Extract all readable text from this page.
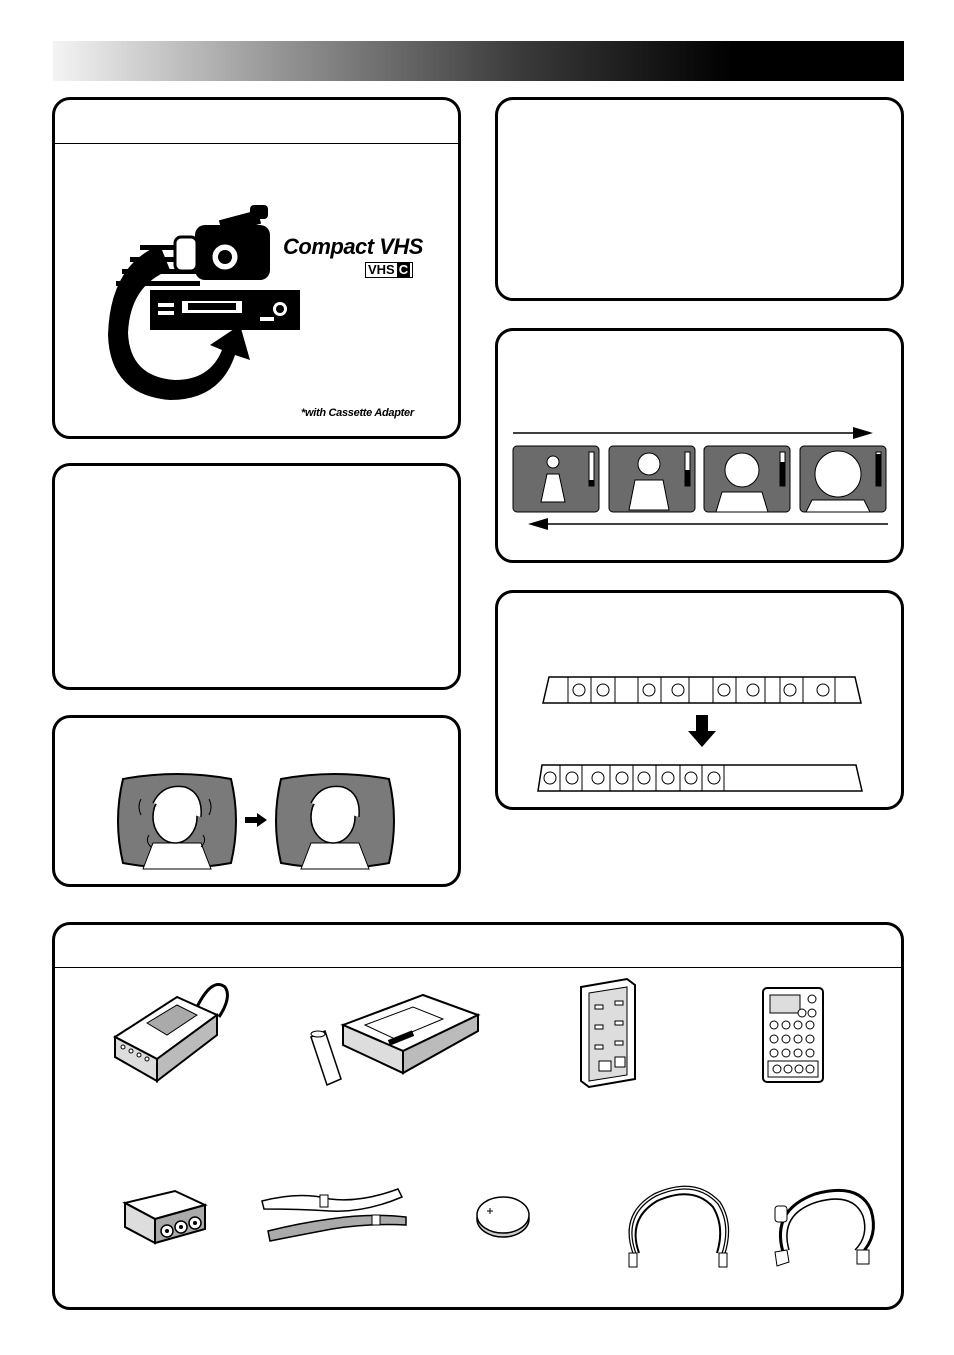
Compact VHS
VHS C
*with Cassette Adapter
